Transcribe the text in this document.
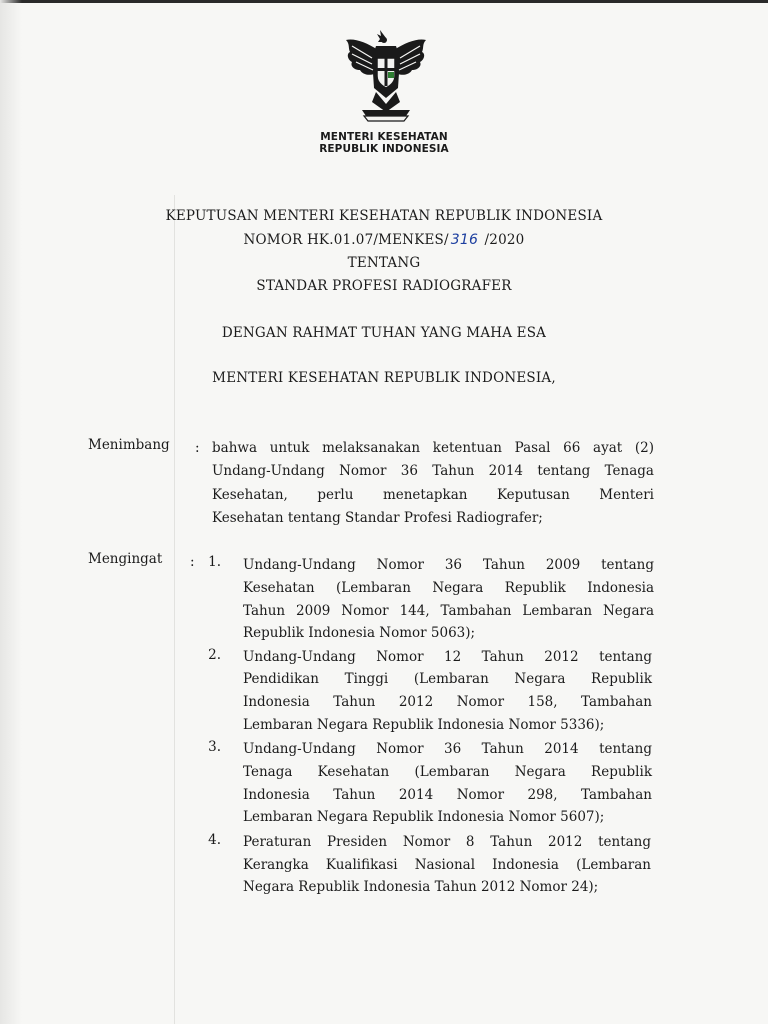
MENTERI KESEHATAN
REPUBLIK INDONESIA
KEPUTUSAN MENTERI KESEHATAN REPUBLIK INDONESIA
NOMOR HK.01.07/MENKES/ 316 /2020
TENTANG
STANDAR PROFESI RADIOGRAFER
DENGAN RAHMAT TUHAN YANG MAHA ESA
MENTERI KESEHATAN REPUBLIK INDONESIA,
Menimbang : bahwa untuk melaksanakan ketentuan Pasal 66 ayat (2)
Undang-Undang Nomor 36 Tahun 2014 tentang Tenaga
Kesehatan, perlu menetapkan Keputusan Menteri
Kesehatan tentang Standar Profesi Radiografer;
Mengingat :	1. Undang-Undang Nomor 36 Tahun 2009 tentang
Kesehatan (Lembaran Negara Republik Indonesia
Tahun 2009 Nomor 144, Tambahan Lembaran Negara
Republik Indonesia Nomor 5063);
2. Undang-Undang Nomor 12 Tahun 2012 tentang
Pendidikan Tinggi (Lembaran Negara Republik
Indonesia Tahun 2012 Nomor 158, Tambahan
Lembaran Negara Republik Indonesia Nomor 5336);
3. Undang-Undang Nomor 36 Tahun 2014 tentang
Tenaga Kesehatan (Lembaran Negara Republik
Indonesia Tahun 2014 Nomor 298, Tambahan
Lembaran Negara Republik Indonesia Nomor 5607);
4. Peraturan Presiden Nomor 8 Tahun 2012 tentang
Kerangka Kualifikasi Nasional Indonesia (Lembaran
Negara Republik Indonesia Tahun 2012 Nomor 24);
